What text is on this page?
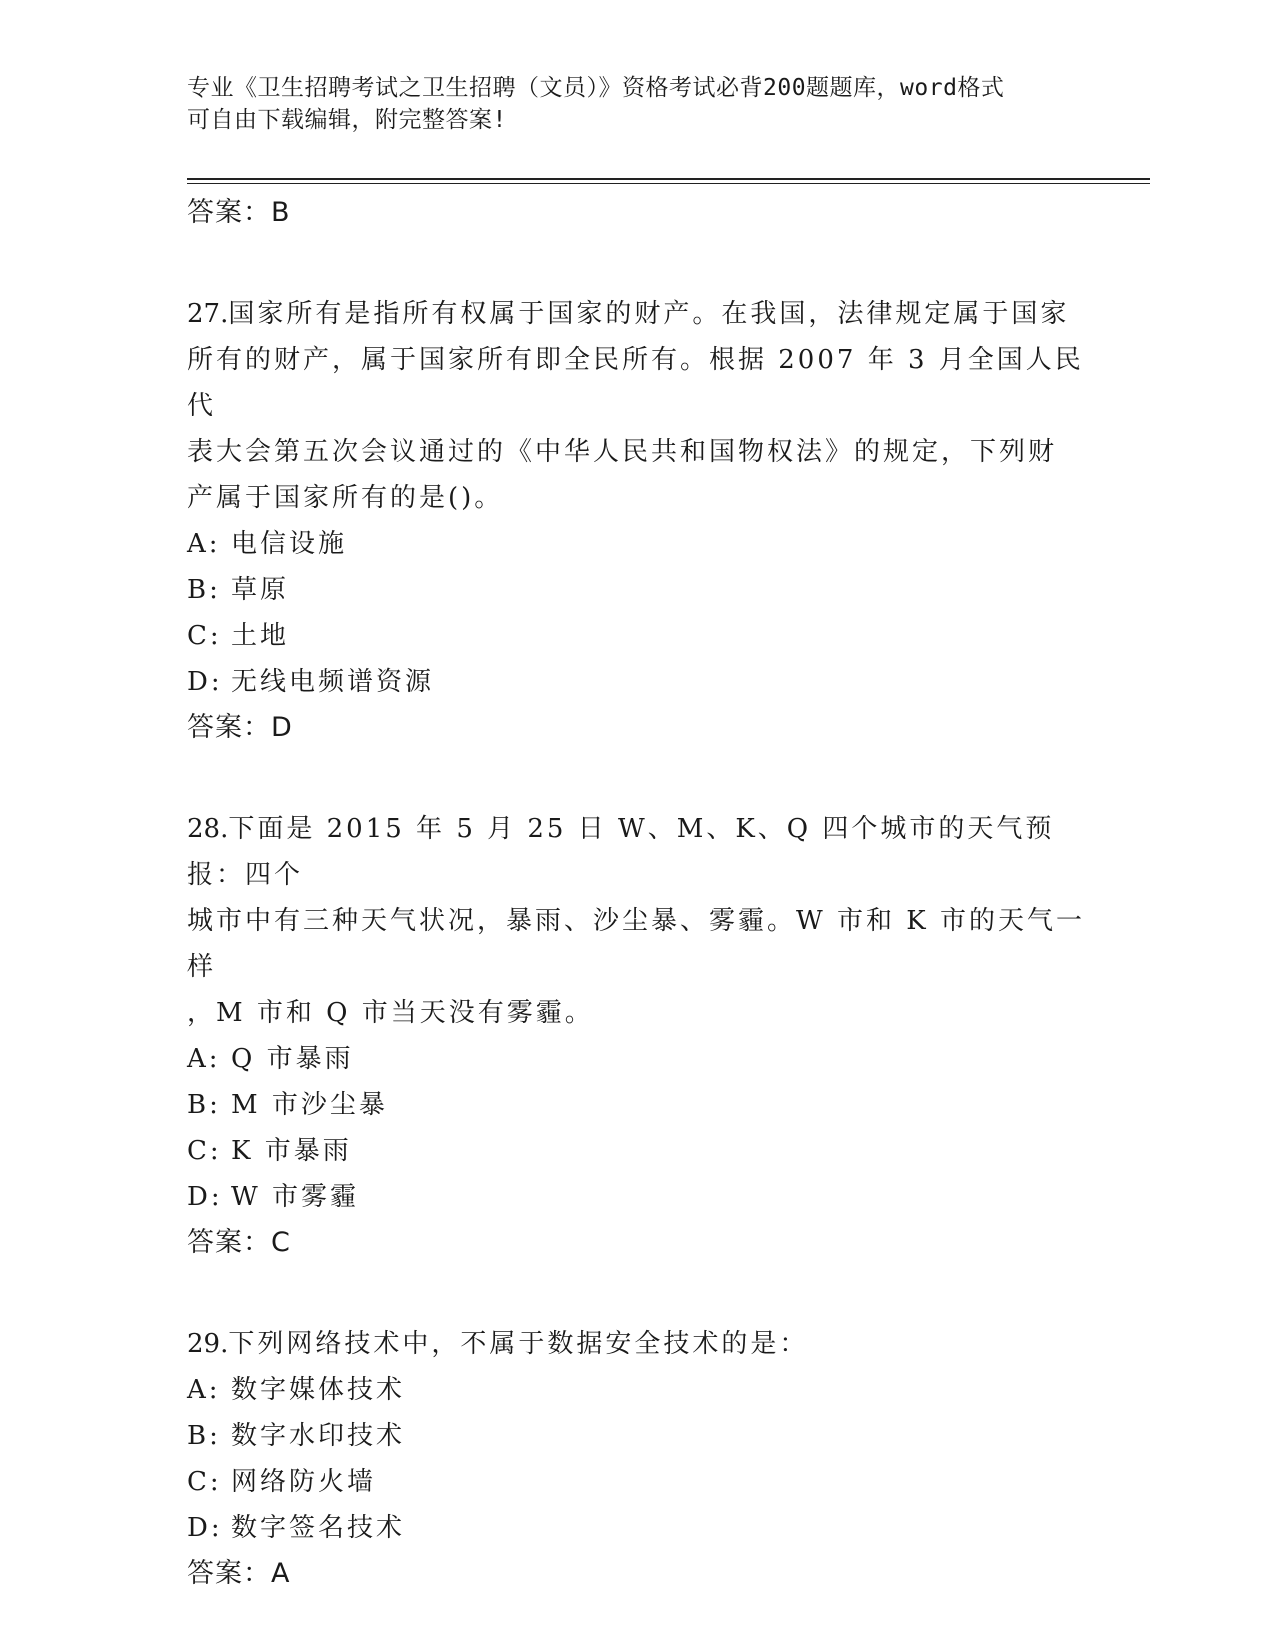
专业《卫生招聘考试之卫生招聘（文员）》资格考试必背200题题库，word格式
可自由下载编辑，附完整答案!
答案：B
27.国家所有是指所有权属于国家的财产。在我国，法律规定属于国家
所有的财产，属于国家所有即全民所有。根据 2007 年 3 月全国人民代
表大会第五次会议通过的《中华人民共和国物权法》的规定，下列财
产属于国家所有的是()。
A: 电信设施
B: 草原
C: 土地
D: 无线电频谱资源
答案：D
28.下面是 2015 年 5 月 25 日 W、M、K、Q 四个城市的天气预报：四个
城市中有三种天气状况，暴雨、沙尘暴、雾霾。W 市和 K 市的天气一样
，M 市和 Q 市当天没有雾霾。
A: Q 市暴雨
B: M 市沙尘暴
C: K 市暴雨
D: W 市雾霾
答案：C
29.下列网络技术中，不属于数据安全技术的是：
A: 数字媒体技术
B: 数字水印技术
C: 网络防火墙
D: 数字签名技术
答案：A
